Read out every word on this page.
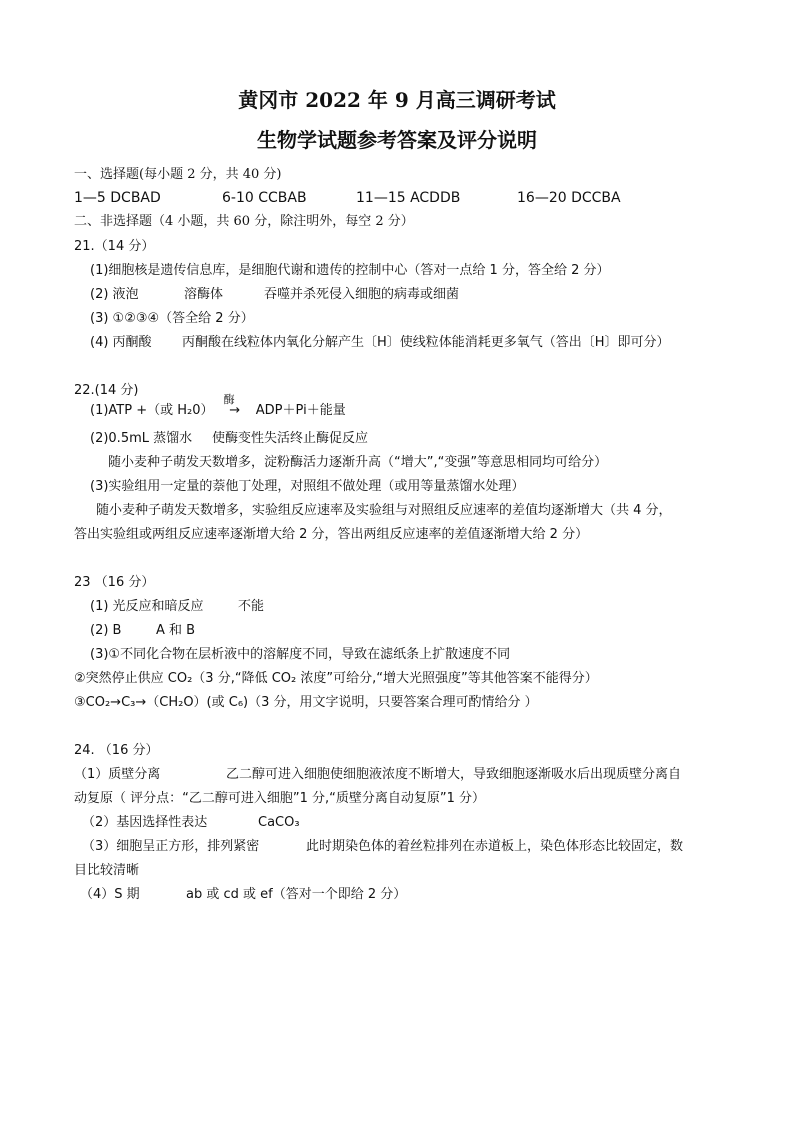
黄冈市 2022 年 9 月高三调研考试
生物学试题参考答案及评分说明
一、选择题(每小题 2 分，共 40 分)
1—5 DCBAD	6-10 CCBAB	11—15 ACDDB	16—20 DCCBA
二、非选择题（4 小题，共 60 分，除注明外，每空 2 分）
21.（14 分）
(1)细胞核是遗传信息库，是细胞代谢和遗传的控制中心（答对一点给 1 分，答全给 2 分）
(2) 液泡	溶酶体	吞噬并杀死侵入细胞的病毒或细菌
(3) ①②③④（答全给 2 分）
(4) 丙酮酸 丙酮酸在线粒体内氧化分解产生〔H〕使线粒体能消耗更多氧气（答出〔H〕即可分）
22.(14 分)
(1)ATP +（或 H₂0）
酶
→ ADP＋Pi＋能量
(2)0.5mL 蒸馏水 使酶变性失活终止酶促反应
随小麦种子萌发天数增多，淀粉酶活力逐渐升高（“增大”,“变强”等意思相同均可给分）
(3)实验组用一定量的萘他丁处理，对照组不做处理（或用等量蒸馏水处理）
随小麦种子萌发天数增多，实验组反应速率及实验组与对照组反应速率的差值均逐渐增大（共 4 分，
答出实验组或两组反应速率逐渐增大给 2 分，答出两组反应速率的差值逐渐增大给 2 分）
23 （16 分）
(1) 光反应和暗反应	不能
(2) B	A 和 B
(3)①不同化合物在层析液中的溶解度不同，导致在滤纸条上扩散速度不同
②突然停止供应 CO₂（3 分,“降低 CO₂ 浓度”可给分,“增大光照强度”等其他答案不能得分）
③CO₂→C₃→（CH₂O）(或 C₆)（3 分，用文字说明，只要答案合理可酌情给分 ）
24. （16 分）
（1）质壁分离	乙二醇可进入细胞使细胞液浓度不断增大，导致细胞逐渐吸水后出现质壁分离自
动复原（ 评分点：“乙二醇可进入细胞”1 分,“质壁分离自动复原”1 分）
（2）基因选择性表达	CaCO₃
（3）细胞呈正方形，排列紧密	此时期染色体的着丝粒排列在赤道板上，染色体形态比较固定，数
目比较清晰
（4）S 期	ab 或 cd 或 ef（答对一个即给 2 分）
